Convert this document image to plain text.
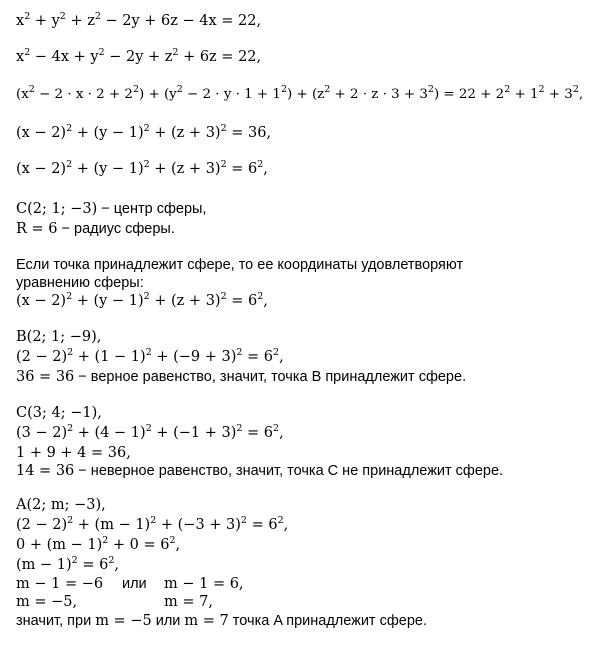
$x^2 + y^2 + z^2 - 2y + 6z - 4x = 22$,
$x^2 - 4x + y^2 - 2y + z^2 + 6z = 22$,
$(x^2 - 2 \cdot x \cdot 2 + 2^2) + (y^2 - 2 \cdot y \cdot 1 + 1^2) + (z^2 + 2 \cdot z \cdot 3 + 3^2) = 22 + 2^2 + 1^2 + 3^2$,
$(x - 2)^2 + (y - 1)^2 + (z + 3)^2 = 36$,
$(x - 2)^2 + (y - 1)^2 + (z + 3)^2 = 6^2$,
C(2; 1; −3) − центр сферы,
R = 6 − радиус сферы.
Если точка принадлежит сфере, то ее координаты удовлетворяют
уравнению сферы:
$(x - 2)^2 + (y - 1)^2 + (z + 3)^2 = 6^2$,
B(2; 1; −9),
$(2 - 2)^2 + (1 - 1)^2 + (-9 + 3)^2 = 6^2$,
36 = 36 − верное равенство, значит, точка B принадлежит сфере.
C(3; 4; −1),
$(3 - 2)^2 + (4 - 1)^2 + (-1 + 3)^2 = 6^2$,
1 + 9 + 4 = 36,
14 = 36 − неверное равенство, значит, точка C не принадлежит сфере.
A(2; m; −3),
$(2 - 2)^2 + (m - 1)^2 + (-3 + 3)^2 = 6^2$,
$0 + (m - 1)^2 + 0 = 6^2$,
$(m - 1)^2 = 6^2$,
m − 1 = −6 или m − 1 = 6,
m = −5,	m = 7,
значит, при m = −5 или m = 7 точка A принадлежит сфере.
